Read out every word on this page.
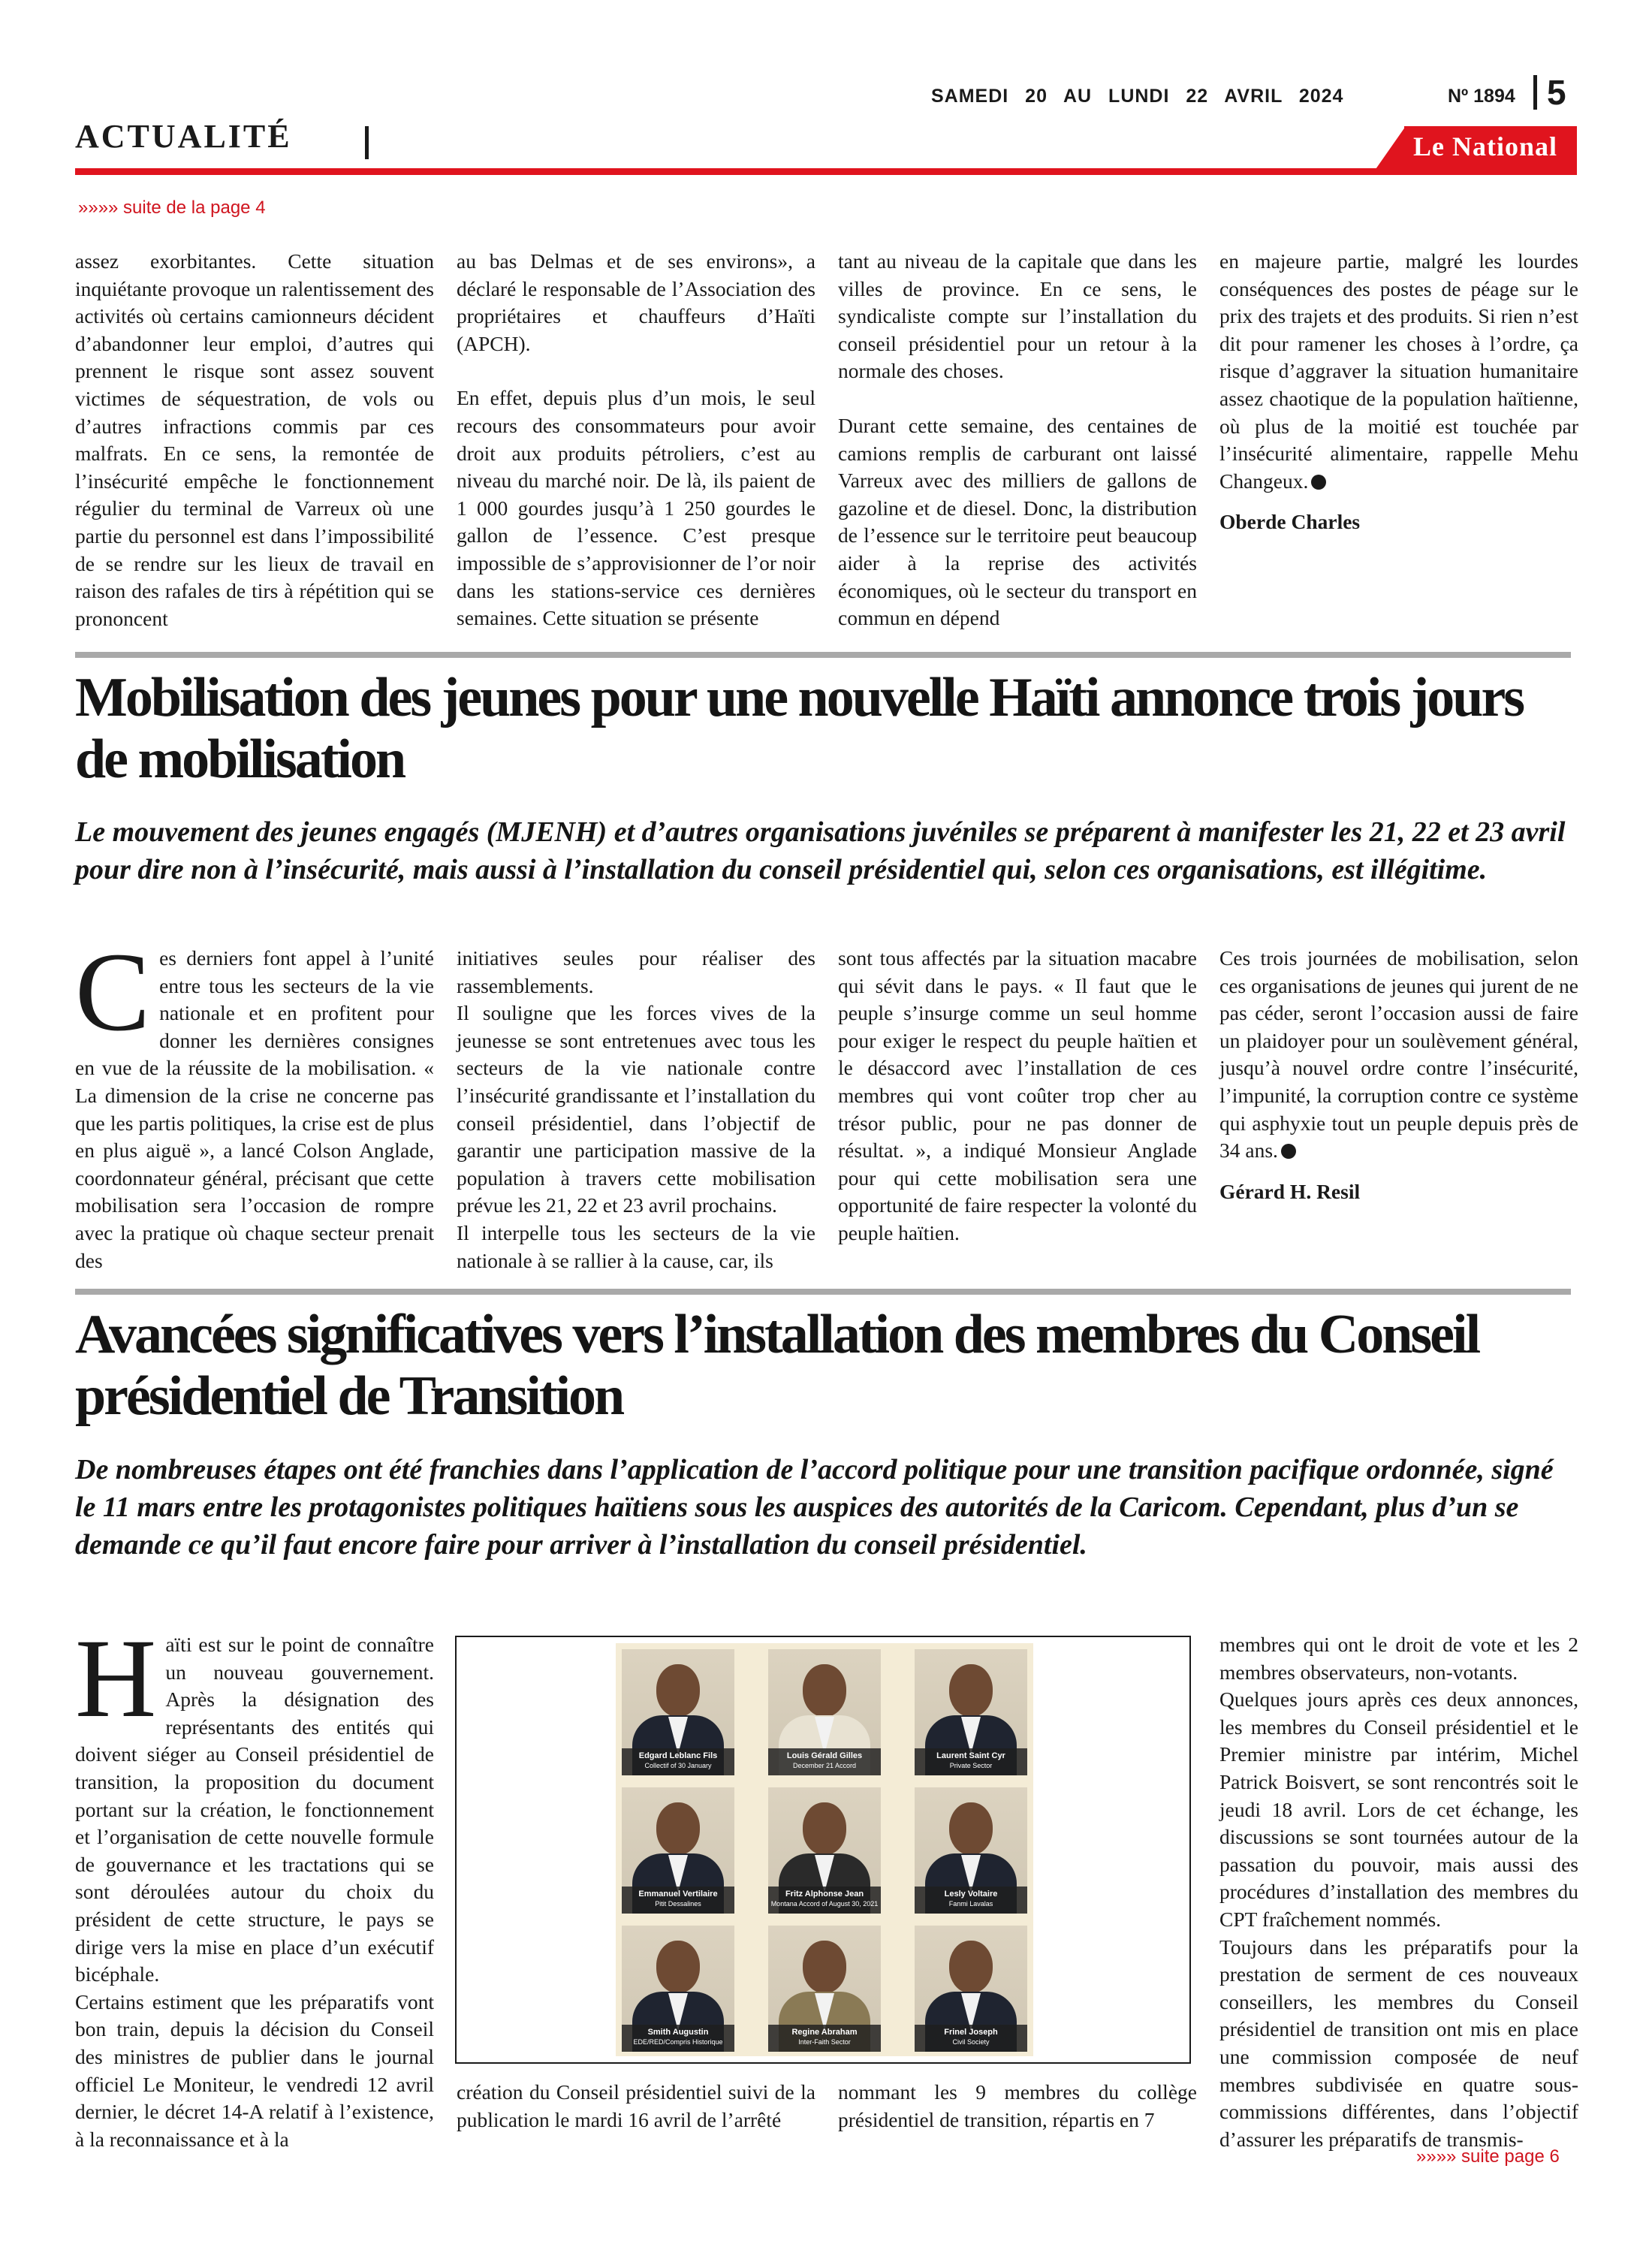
SAMEDI 20 AU LUNDI 22 AVRIL 2024	Nº 1894 5
ACTUALITÉ	Le National
»»»» suite de la page 4

assez exorbitantes. Cette situation inquiétante provoque un ralentissement des activités où certains camionneurs décident d’abandonner leur emploi, d’autres qui prennent le risque sont assez souvent victimes de séquestration, de vols ou d’autres infractions commis par ces malfrats. En ce sens, la remontée de l’insécurité empêche le fonctionnement régulier du terminal de Varreux où une partie du personnel est dans l’impossibilité de se rendre sur les lieux de travail en raison des rafales de tirs à répétition qui se prononcent

au bas Delmas et de ses environs», a déclaré le responsable de l’Association des propriétaires et chauffeurs d’Haïti (APCH).

En effet, depuis plus d’un mois, le seul recours des consommateurs pour avoir droit aux produits pétroliers, c’est au niveau du marché noir. De là, ils paient de 1 000 gourdes jusqu’à 1 250 gourdes le gallon de l’essence. C’est presque impossible de s’approvisionner de l’or noir dans les stations-service ces dernières semaines. Cette situation se présente

tant au niveau de la capitale que dans les villes de province. En ce sens, le syndicaliste compte sur l’installation du conseil présidentiel pour un retour à la normale des choses.

Durant cette semaine, des centaines de camions remplis de carburant ont laissé Varreux avec des milliers de gallons de gazoline et de diesel. Donc, la distribution de l’essence sur le territoire peut beaucoup aider à la reprise des activités économiques, où le secteur du transport en commun en dépend

en majeure partie, malgré les lourdes conséquences des postes de péage sur le prix des trajets et des produits. Si rien n’est dit pour ramener les choses à l’ordre, ça risque d’aggraver la situation humanitaire assez chaotique de la population haïtienne, où plus de la moitié est touchée par l’insécurité alimentaire, rappelle Mehu Changeux.

Oberde Charles

Mobilisation des jeunes pour une nouvelle Haïti annonce trois jours de mobilisation
Le mouvement des jeunes engagés (MJENH) et d’autres organisations juvéniles se préparent à manifester les 21, 22 et 23 avril pour dire non à l’insécurité, mais aussi à l’installation du conseil présidentiel qui, selon ces organisations, est illégitime.

Ces derniers font appel à l’unité entre tous les secteurs de la vie nationale et en profitent pour donner les dernières consignes en vue de la réussite de la mobilisation. « La dimension de la crise ne concerne pas que les partis politiques, la crise est de plus en plus aiguë », a lancé Colson Anglade, coordonnateur général, précisant que cette mobilisation sera l’occasion de rompre avec la pratique où chaque secteur prenait des

initiatives seules pour réaliser des rassemblements.

Il souligne que les forces vives de la jeunesse se sont entretenues avec tous les secteurs de la vie nationale contre l’insécurité grandissante et l’installation du conseil présidentiel, dans l’objectif de garantir une participation massive de la population à travers cette mobilisation prévue les 21, 22 et 23 avril prochains.

Il interpelle tous les secteurs de la vie nationale à se rallier à la cause, car, ils

sont tous affectés par la situation macabre qui sévit dans le pays. « Il faut que le peuple s’insurge comme un seul homme pour exiger le respect du peuple haïtien et le désaccord avec l’installation de ces membres qui vont coûter trop cher au trésor public, pour ne pas donner de résultat. », a indiqué Monsieur Anglade pour qui cette mobilisation sera une opportunité de faire respecter la volonté du peuple haïtien.

Ces trois journées de mobilisation, selon ces organisations de jeunes qui jurent de ne pas céder, seront l’occasion aussi de faire un plaidoyer pour un soulèvement général, jusqu’à nouvel ordre contre l’insécurité, l’impunité, la corruption contre ce système qui asphyxie tout un peuple depuis près de 34 ans.

Gérard H. Resil

Avancées significatives vers l’installation des membres du Conseil présidentiel de Transition
De nombreuses étapes ont été franchies dans l’application de l’accord politique pour une transition pacifique ordonnée, signé le 11 mars entre les protagonistes politiques haïtiens sous les auspices des autorités de la Caricom. Cependant, plus d’un se demande ce qu’il faut encore faire pour arriver à l’installation du conseil présidentiel.

Haïti est sur le point de connaître un nouveau gouvernement. Après la désignation des représentants des entités qui doivent siéger au Conseil présidentiel de transition, la proposition du document portant sur la création, le fonctionnement et l’organisation de cette nouvelle formule de gouvernance et les tractations qui se sont déroulées autour du choix du président de cette structure, le pays se dirige vers la mise en place d’un exécutif bicéphale.

Certains estiment que les préparatifs vont bon train, depuis la décision du Conseil des ministres de publier dans le journal officiel Le Moniteur, le vendredi 12 avril dernier, le décret 14-A relatif à l’existence, à la reconnaissance et à la

Edgard Leblanc Fils
Collectif of 30 January
Louis Gérald Gilles
December 21 Accord
Laurent Saint Cyr
Private Sector
Emmanuel Vertilaire
Pitit Dessalines
Fritz Alphonse Jean
Montana Accord of August 30, 2021
Lesly Voltaire
Fanmi Lavalas
Smith Augustin
EDE/RED/Compris Historique
Regine Abraham
Inter-Faith Sector
Frinel Joseph
Civil Society

création du Conseil présidentiel suivi de la publication le mardi 16 avril de l’arrêté

nommant les 9 membres du collège présidentiel de transition, répartis en 7

membres qui ont le droit de vote et les 2 membres observateurs, non-votants.

Quelques jours après ces deux annonces, les membres du Conseil présidentiel et le Premier ministre par intérim, Michel Patrick Boisvert, se sont rencontrés soit le jeudi 18 avril. Lors de cet échange, les discussions se sont tournées autour de la passation du pouvoir, mais aussi des procédures d’installation des membres du CPT fraîchement nommés.

Toujours dans les préparatifs pour la prestation de serment de ces nouveaux conseillers, les membres du Conseil présidentiel de transition ont mis en place une commission composée de neuf membres subdivisée en quatre sous-commissions différentes, dans l’objectif d’assurer les préparatifs de transmis-

»»»» suite page 6
